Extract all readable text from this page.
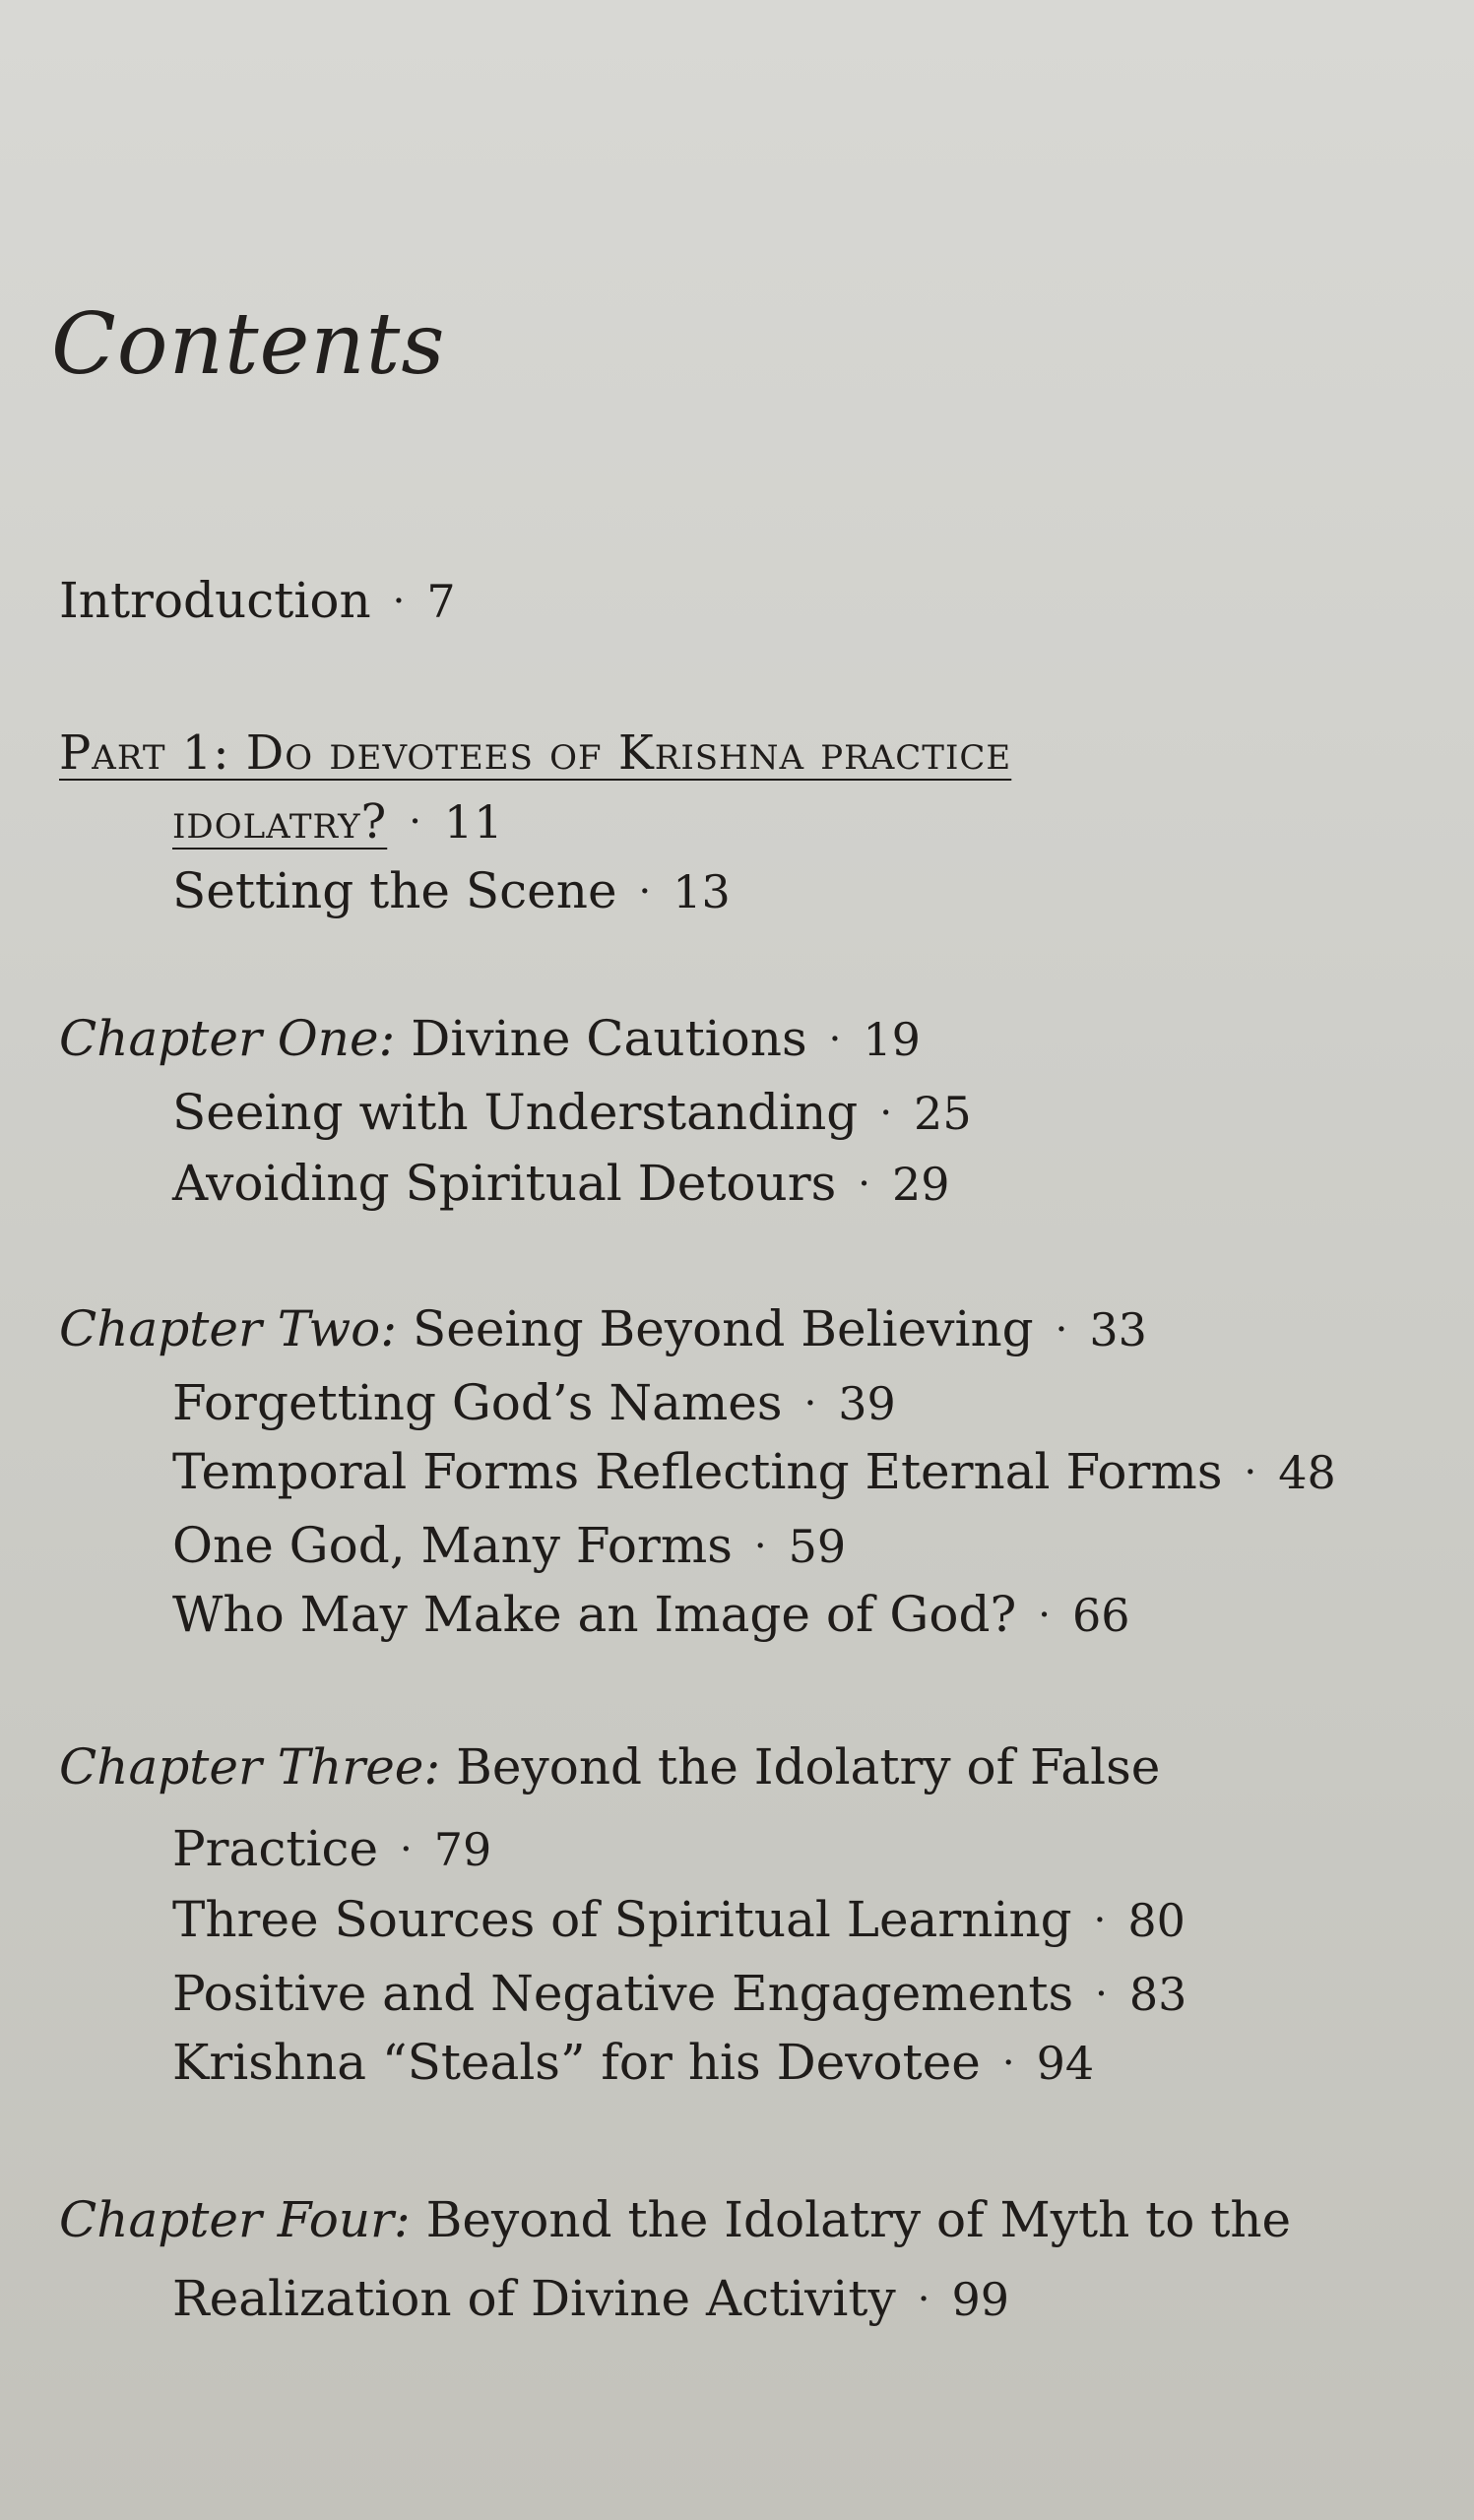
Contents
Introduction · 7
Part 1: Do devotees of Krishna practice
idolatry? · 11
Setting the Scene · 13
Chapter One: Divine Cautions · 19
Seeing with Understanding · 25
Avoiding Spiritual Detours · 29
Chapter Two: Seeing Beyond Believing · 33
Forgetting God’s Names · 39
Temporal Forms Reflecting Eternal Forms · 48
One God, Many Forms · 59
Who May Make an Image of God? · 66
Chapter Three: Beyond the Idolatry of False
Practice · 79
Three Sources of Spiritual Learning · 80
Positive and Negative Engagements · 83
Krishna “Steals” for his Devotee · 94
Chapter Four: Beyond the Idolatry of Myth to the
Realization of Divine Activity · 99
